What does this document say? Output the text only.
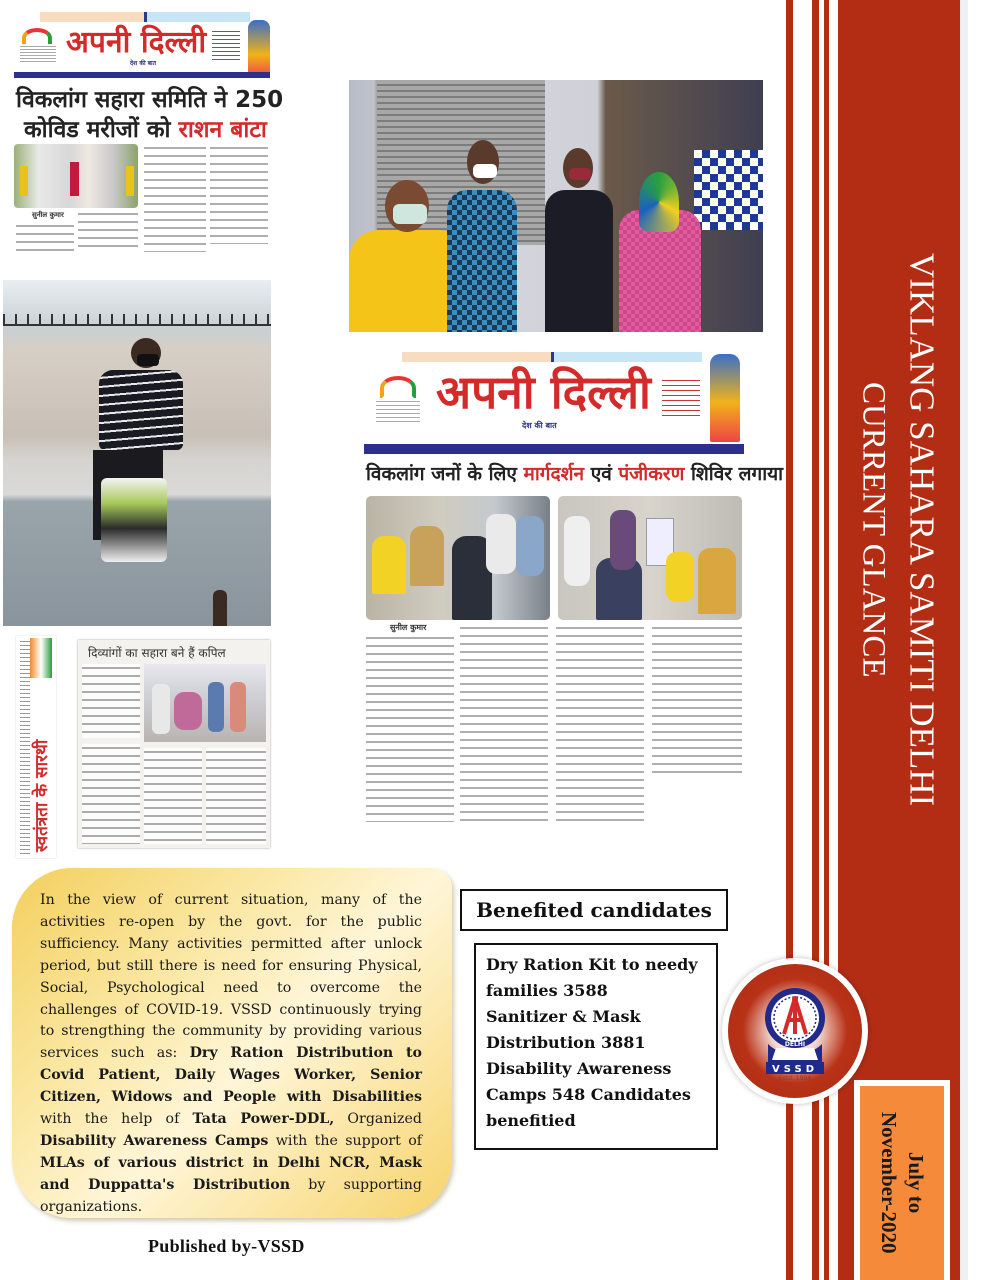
VIKLANG SAHARA SAMITI DELHI
CURRENT GLANCE
July to
November-2020
DELHI
VSSD
Estd. 1994
अपनी दिल्ली
देश की बात
विकलांग सहारा समिति ने 250
कोविड मरीजों को राशन बांटा
सुनील कुमार
अपनी दिल्ली
देश की बात
विकलांग जनों के लिए मार्गदर्शन एवं पंजीकरण शिविर लगाया
सुनील कुमार
स्वतंत्रता के सारथी
दिव्यांगों का सहारा बने हैं कपिल

In the view of current situation, many of the activities re-open by the govt. for the public sufficiency. Many activities permitted after unlock period, but still there is need for ensuring Physical, Social, Psychological need to overcome the challenges of COVID-19. VSSD continuously trying to strengthing the community by providing various services such as: Dry Ration Distribution to Covid Patient, Daily Wages Worker, Senior Citizen, Widows and People with Disabilities with the help of Tata Power-DDL, Organized Disability Awareness Camps with the support of MLAs of various district in Delhi NCR, Mask and Duppatta's Distribution by supporting organizations.

Published by-VSSD
Benefited candidates
Dry Ration Kit to needy
families 3588
Sanitizer & Mask
Distribution 3881
Disability Awareness
Camps 548 Candidates
benefitied
